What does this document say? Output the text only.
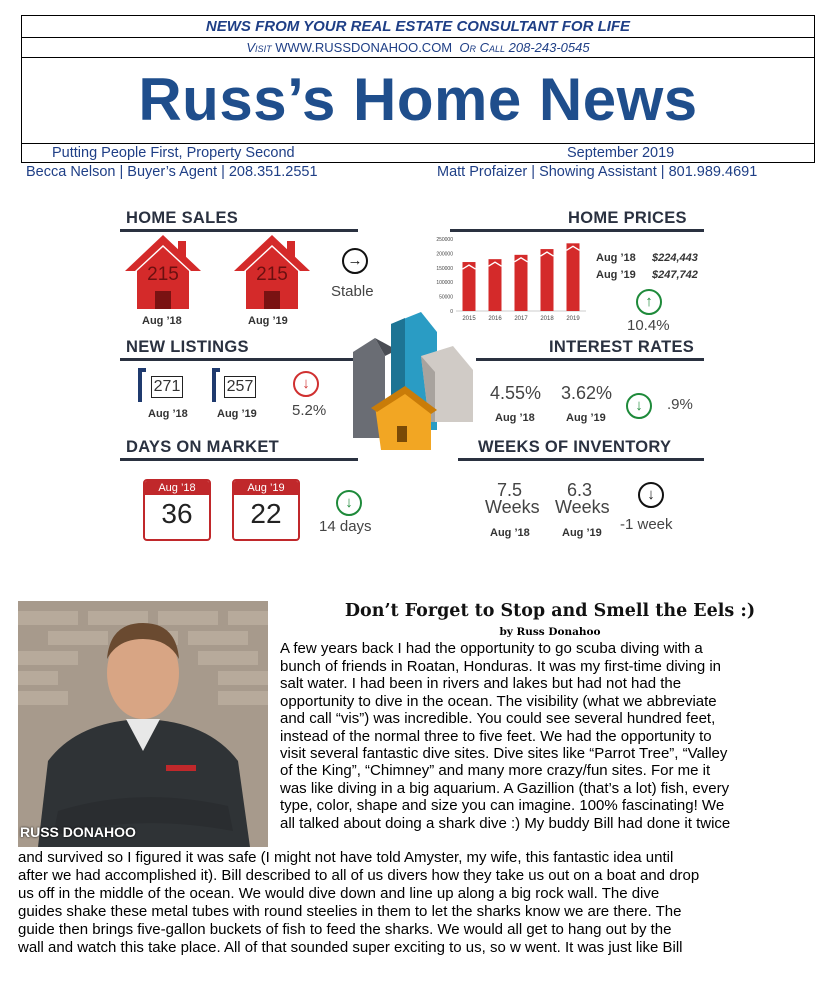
NEWS FROM YOUR REAL ESTATE CONSULTANT FOR LIFE
Visit WWW.RUSSDONAHOO.COM Or Call 208-243-0545
Russ’s Home News
Putting People First, Property Second	September 2019
Becca Nelson | Buyer’s Agent | 208.351.2551	Matt Profaizer | Showing Assistant | 801.989.4691
HOME SALES
215
Aug ’18
215
Aug ’19
→
Stable
HOME PRICES
250000
200000
150000
100000
50000
0
2015 2016 2017 2018 2019
Aug ’18 $224,443
Aug ’19 $247,742
↑
10.4%
NEW LISTINGS
271
Aug ’18
257
Aug ’19
↓
5.2%
INTEREST RATES
4.55%
Aug ’18
3.62%
Aug ’19
↓	.9%
DAYS ON MARKET
Aug ’18
36
Aug ’19
22	↓
14 days
WEEKS OF INVENTORY
7.5
Weeks
Aug ’18
6.3
Weeks
Aug ’19
↓
-1 week
RUSS DONAHOO
Don’t Forget to Stop and Smell the Eels :)
by Russ Donahoo
A few years back I had the opportunity to go scuba diving with a
bunch of friends in Roatan, Honduras. It was my first-time diving in
salt water. I had been in rivers and lakes but had not had the
opportunity to dive in the ocean. The visibility (what we abbreviate
and call “vis”) was incredible. You could see several hundred feet,
instead of the normal three to five feet. We had the opportunity to
visit several fantastic dive sites. Dive sites like “Parrot Tree”, “Valley
of the King”, “Chimney” and many more crazy/fun sites. For me it
was like diving in a big aquarium. A Gazillion (that’s a lot) fish, every
type, color, shape and size you can imagine. 100% fascinating! We
all talked about doing a shark dive :) My buddy Bill had done it twice
and survived so I figured it was safe (I might not have told Amyster, my wife, this fantastic idea until
after we had accomplished it). Bill described to all of us divers how they take us out on a boat and drop
us off in the middle of the ocean. We would dive down and line up along a big rock wall. The dive
guides shake these metal tubes with round steelies in them to let the sharks know we are there. The
guide then brings five-gallon buckets of fish to feed the sharks. We would all get to hang out by the
wall and watch this take place. All of that sounded super exciting to us, so w went. It was just like Bill
